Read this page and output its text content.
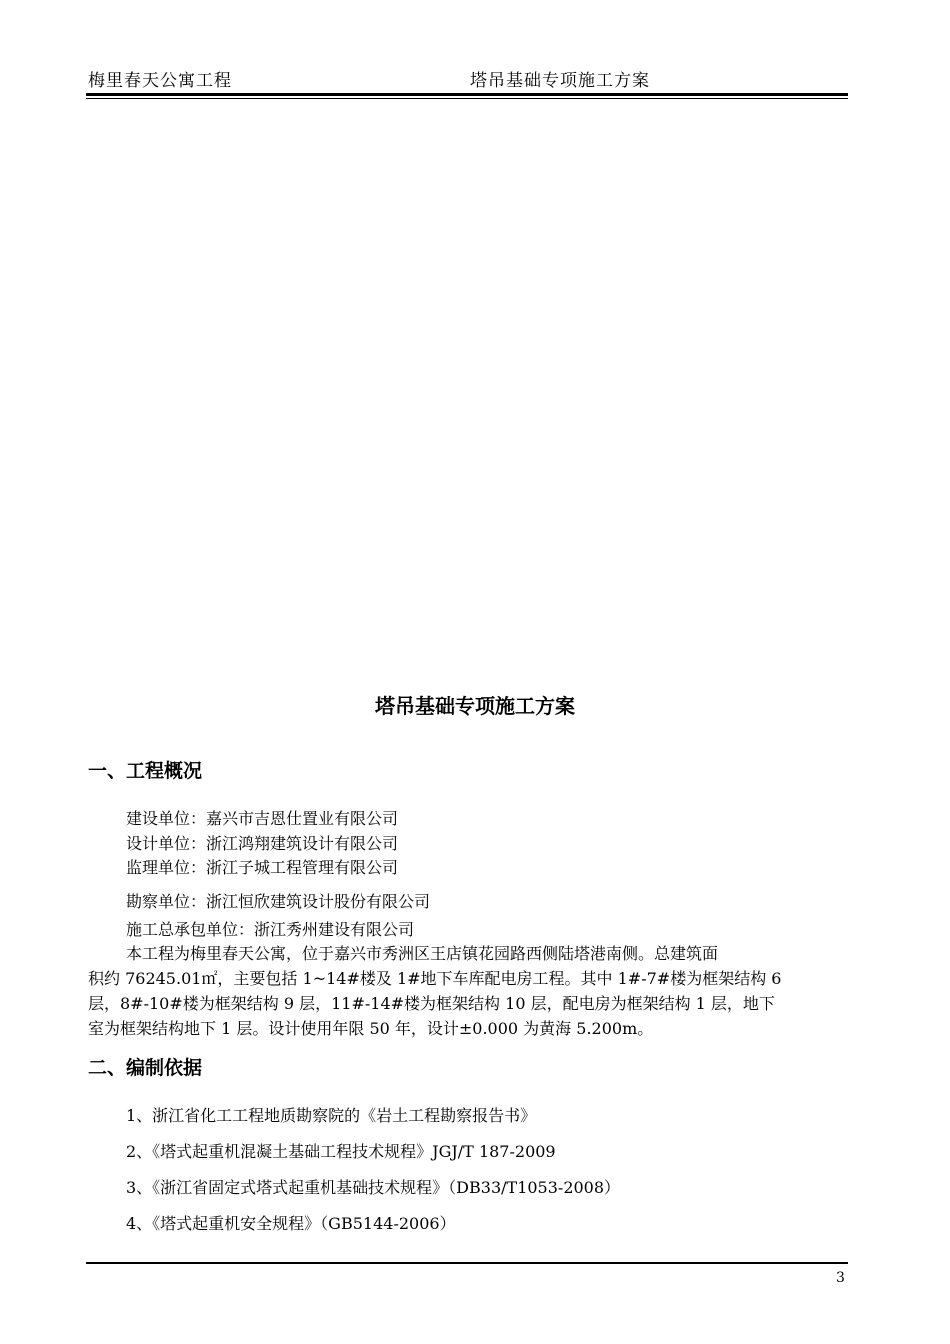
梅里春天公寓工程	塔吊基础专项施工方案
塔吊基础专项施工方案
一、工程概况
建设单位：嘉兴市吉恩仕置业有限公司
设计单位：浙江鸿翔建筑设计有限公司
监理单位：浙江子城工程管理有限公司
勘察单位：浙江恒欣建筑设计股份有限公司
施工总承包单位：浙江秀州建设有限公司
本工程为梅里春天公寓，位于嘉兴市秀洲区王店镇花园路西侧陆塔港南侧。总建筑面
积约 76245.01㎡，主要包括 1~14#楼及 1#地下车库配电房工程。其中 1#-7#楼为框架结构 6
层，8#-10#楼为框架结构 9 层，11#-14#楼为框架结构 10 层，配电房为框架结构 1 层，地下
室为框架结构地下 1 层。设计使用年限 50 年，设计±0.000 为黄海 5.200m。
二、编制依据
1、浙江省化工工程地质勘察院的《岩土工程勘察报告书》
2、《塔式起重机混凝土基础工程技术规程》JGJ/T 187-2009
3、《浙江省固定式塔式起重机基础技术规程》（DB33/T1053-2008）
4、《塔式起重机安全规程》（GB5144-2006）
3
